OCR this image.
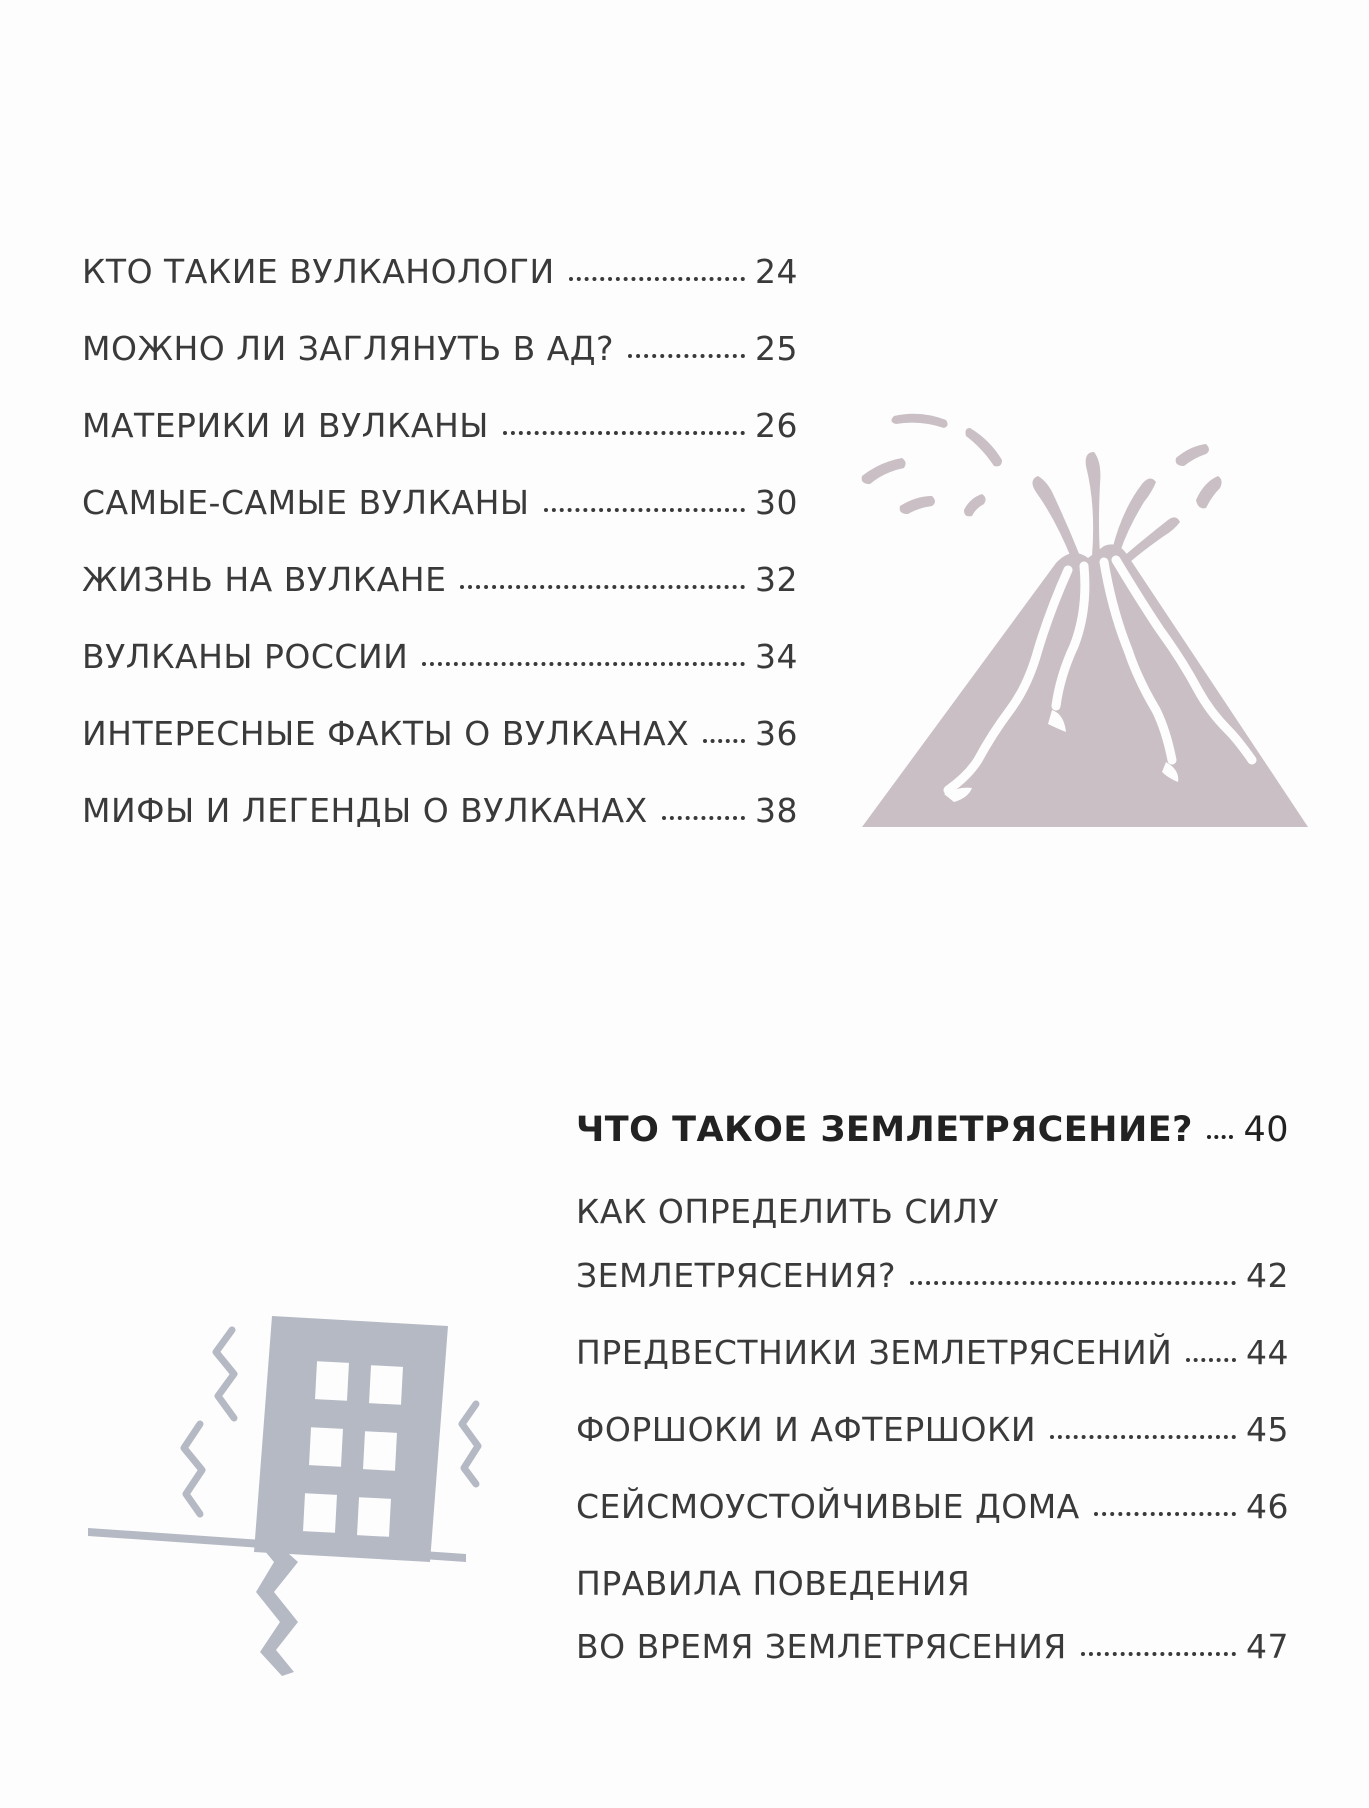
КТО ТАКИЕ ВУЛКАНОЛОГИ	24
МОЖНО ЛИ ЗАГЛЯНУТЬ В АД?	25
МАТЕРИКИ И ВУЛКАНЫ	26
САМЫЕ-САМЫЕ ВУЛКАНЫ	30
ЖИЗНЬ НА ВУЛКАНЕ	32
ВУЛКАНЫ РОССИИ	34
ИНТЕРЕСНЫЕ ФАКТЫ О ВУЛКАНАХ 36
МИФЫ И ЛЕГЕНДЫ О ВУЛКАНАХ	38
ЧТО ТАКОЕ ЗЕМЛЕТРЯСЕНИЕ? 40
КАК ОПРЕДЕЛИТЬ СИЛУ
ЗЕМЛЕТРЯСЕНИЯ?	42
ПРЕДВЕСТНИКИ ЗЕМЛЕТРЯСЕНИЙ 44
ФОРШОКИ И АФТЕРШОКИ	45
СЕЙСМОУСТОЙЧИВЫЕ ДОМА	46
ПРАВИЛА ПОВЕДЕНИЯ
ВО ВРЕМЯ ЗЕМЛЕТРЯСЕНИЯ	47
